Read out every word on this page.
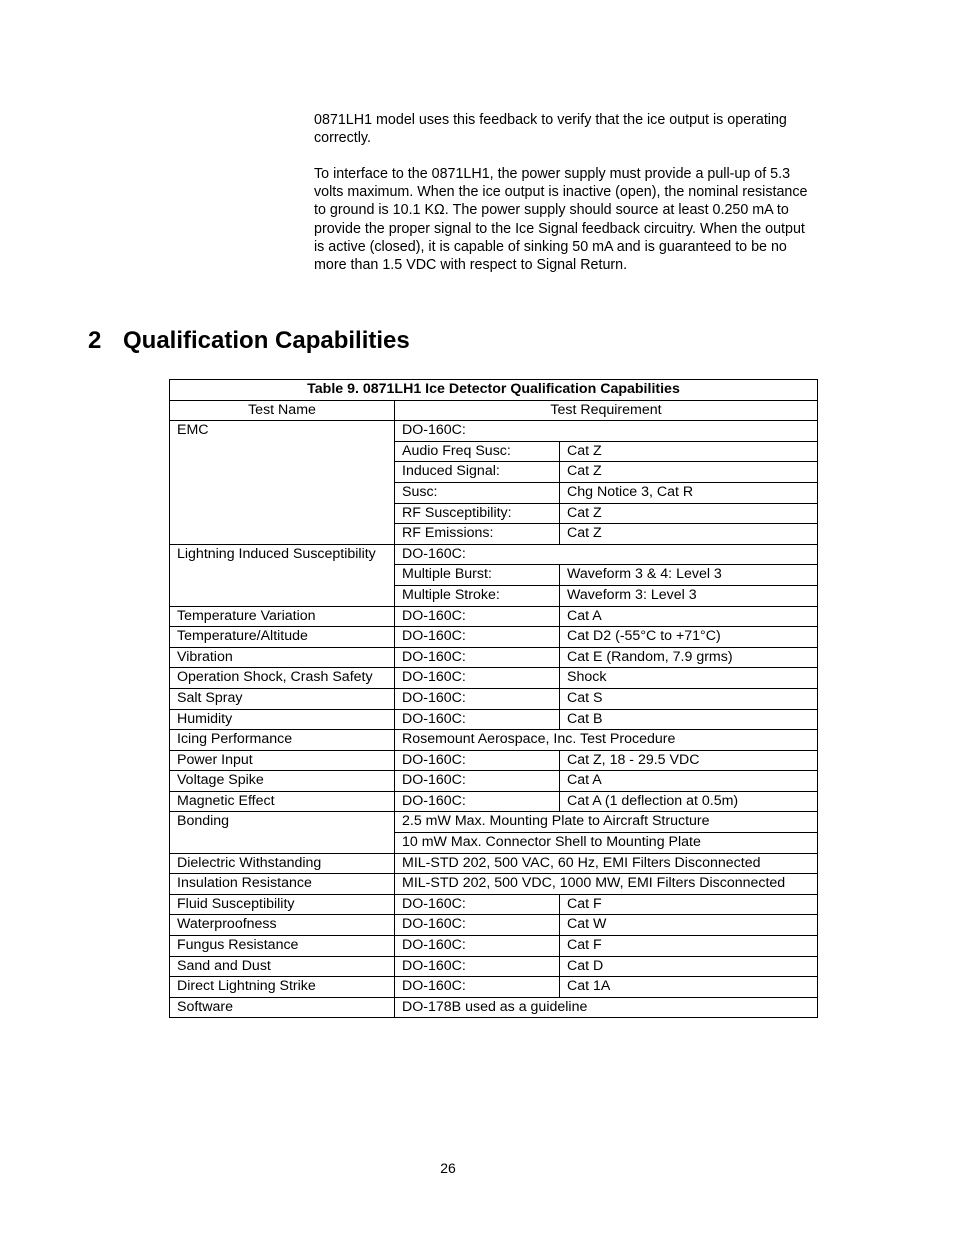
0871LH1 model uses this feedback to verify that the ice output is operating correctly.

To interface to the 0871LH1, the power supply must provide a pull-up of 5.3 volts maximum. When the ice output is inactive (open), the nominal resistance to ground is 10.1 KΩ. The power supply should source at least 0.250 mA to provide the proper signal to the Ice Signal feedback circuitry. When the output is active (closed), it is capable of sinking 50 mA and is guaranteed to be no more than 1.5 VDC with respect to Signal Return.

2 Qualification Capabilities
Table 9. 0871LH1 Ice Detector Qualification Capabilities		
Test Name	Test Requirement	
EMC	DO-160C:	
	Audio Freq Susc:	Cat Z
	Induced Signal:	Cat Z
	Susc:	Chg Notice 3, Cat R
	RF Susceptibility:	Cat Z
	RF Emissions:	Cat Z
Lightning Induced Susceptibility	DO-160C:	
	Multiple Burst:	Waveform 3 & 4: Level 3
	Multiple Stroke:	Waveform 3: Level 3
Temperature Variation	DO-160C:	Cat A
Temperature/Altitude	DO-160C:	Cat D2 (-55°C to +71°C)
Vibration	DO-160C:	Cat E (Random, 7.9 grms)
Operation Shock, Crash Safety	DO-160C:	Shock
Salt Spray	DO-160C:	Cat S
Humidity	DO-160C:	Cat B
Icing Performance	Rosemount Aerospace, Inc. Test Procedure	
Power Input	DO-160C:	Cat Z, 18 - 29.5 VDC
Voltage Spike	DO-160C:	Cat A
Magnetic Effect	DO-160C:	Cat A (1 deflection at 0.5m)
Bonding	2.5 mW Max. Mounting Plate to Aircraft Structure	
	10 mW Max. Connector Shell to Mounting Plate	
Dielectric Withstanding	MIL-STD 202, 500 VAC, 60 Hz, EMI Filters Disconnected	
Insulation Resistance	MIL-STD 202, 500 VDC, 1000 MW, EMI Filters Disconnected	
Fluid Susceptibility	DO-160C:	Cat F
Waterproofness	DO-160C:	Cat W
Fungus Resistance	DO-160C:	Cat F
Sand and Dust	DO-160C:	Cat D
Direct Lightning Strike	DO-160C:	Cat 1A
Software	DO-178B used as a guideline	
26
